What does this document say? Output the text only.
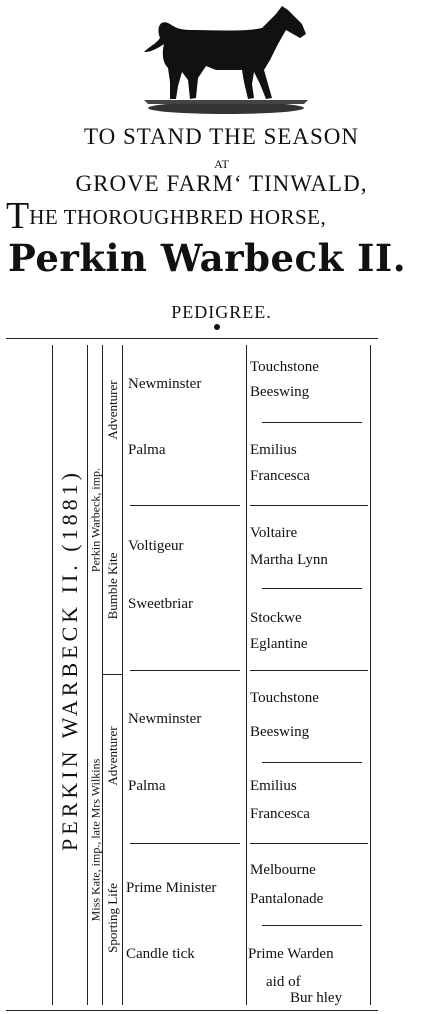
TO STAND THE SEASON
AT
GROVE FARM‘ TINWALD,
THE THOROUGHBRED HORSE,
Perkin Warbeck II.
PEDIGREE.
PERKIN WARBECK II. (1881) Perkin Warbeck, imp.
Miss Kate, imp., late Mrs Wilkins
Adventurer
Bumble Kite
Adventurer
Sporting Life
Newminster
Palma
Voltigeur
Sweetbriar
Newminster
Palma
Prime Minister
Candle tick
Touchstone
Beeswing
Emilius
Francesca
Voltaire
Martha Lynn
Stockwe
Eglantine
Touchstone
Beeswing
Emilius
Francesca
Melbourne
Pantalonade
Prime Warden
aid of
Bur hley
